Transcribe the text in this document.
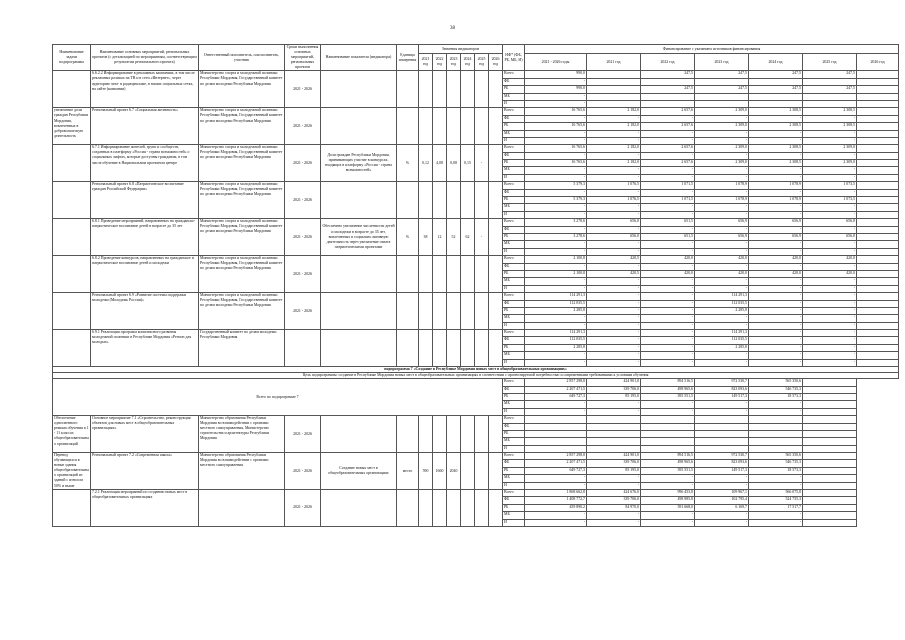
38
Наименование задачи подпрограммы	Наименование основных мероприятий, региональных проектов (с детализацией по мероприятиям, соответствующим результатам регионального проекта)	Ответственный исполнитель, соисполнитель, участник	Сроки выполнения основных мероприятий, региональных проектов	Наименование показателя (индикатора)	Единица измерения	Значения индикаторов						НФ* (ФБ, РБ, МБ, И)	Финансирование с указанием источников финансирования						
						2021 год	2022 год	2023 год	2024 год	2025 год	2026 год		2021 - 2026 годы	2021 год	2022 год	2023 год	2024 год	2025 год	2026 год
	6.6.2.2 Информирование в рекламных кампаниях, в том числе рекламных роликах на ТВ и в сети «Интернет», через аудиторию чата- в радиорекламе, в наших социальных сетях, на сайте (компании)	Министерство спорта и молодежной политики Республики Мордовия, Государственный комитет по делам молодежи Республики Мордовия	2021 - 2026									Всего	990,0		247,5	247,5	247,5	247,5	
												ФБ	-						
												РБ	990,0		247,5	247,5	247,5	247,5	
												МБ	-						
												И	-						
увеличение доли граждан Республики Мордовия, вовлеченных в добровольческую деятельность	Региональный проект 6.7 «Социальная активность»	Министерство спорта и молодежной политики Республики Мордовия, Государственный комитет по делам молодежи Республики Мордовия	2021 - 2026									Всего	16 765,6	2 182,0	2 657,6	2 309,0	2 308,5	2 308,5	
												ФБ	-	-	-	-	-	-	
												РБ	16 765,6	2 182,0	2 657,6	2 309,0	2 308,5	2 308,5	
												МБ	-	-	-	-	-	-	
												И	-	-	-	-	-	-	
	6.7.1 Информирование жителей, групп и сообществ, созданных в платформу «Россия - страна возможностей» о социальных лифтах, которые доступны гражданам, в том числе обучение в Национальном проектном центре	Министерство спорта и молодежной политики Республики Мордовия, Государственный комитет по делам молодежи Республики Мордовия	2021 - 2026	Доля граждан Республики Мордовия, принимающих участие в конкурсах, входящих в платформу «Россия - страна возможностей»	%	0,12	4,08	0,08	0,15	-		Всего	16 765,6	2 182,0	2 657,6	2 309,0	2 308,5	2 309,0	
												ФБ	-	-	-	-	-	-	
												РБ	16 765,6	2 182,0	2 657,6	2 309,0	2 308,5	2 309,0	
												МБ	-	-	-	-	-	-	
												И	-	-	-	-	-	-	
	Региональный проект 6.8 «Патриотическое воспитание граждан Российской Федерации»	Министерство спорта и молодежной политики Республики Мордовия, Государственный комитет по делам молодежи Республики Мордовия	2021 - 2026									Всего	5 379,3	1 076,5	1 071,5	1 078,9	1 078,9	1 073,5	
												ФБ	-	-	-	-	-	-	
												РБ	5 379,3	1 076,5	1 071,5	1 078,9	1 078,9	1 073,5	
												МБ	-	-	-	-	-	-	
												И	-	-	-	-	-	-	
	6.8.1 Проведение мероприятий, направленных на гражданско-патриотическое воспитание детей в возрасте до 35 лет	Министерство спорта и молодежной политики Республики Мордовия, Государственный комитет по делам молодежи Республики Мордовия	2021 - 2026	Обеспечено увеличение численности детей и молодежи в возрасте до 35 лет, вовлеченных в социально активную деятельность через увеличение охвата патриотическими проектами	%	38	12	52	62	-		Всего	3 278,6	656,0	651,5	656,9	656,9	656,8	
												ФБ	-	-	-	-	-	-	
												РБ	3 278,6	656,0	651,5	656,9	656,9	656,8	
												МБ	-	-	-	-	-	-	
												И	-	-	-	-	-	-	
	6.8.2 Проведение конкурсов, направленных на гражданское и патриотическое воспитание детей и молодежи	Министерство спорта и молодежной политики Республики Мордовия, Государственный комитет по делам молодежи Республики Мордовия	2021 - 2026									Всего	2 100,8	420,5	420,0	420,0	420,0	420,0	
												ФБ	-	-	-	-	-	-	
												РБ	2 100,8	420,5	420,0	420,0	420,0	420,0	
												МБ	-	-	-	-	-	-	
												И	-	-	-	-	-	-	
	Региональный проект 6.9 «Развитие системы поддержки молодежи (Молодежь России)»	Министерство спорта и молодежной политики Республики Мордовия, Государственный комитет по делам молодежи Республики Мордовия	2021 - 2026									Всего	114 291,3	-	-	114 291,3	-	-	
												ФБ	112 035,5	-	-	112 035,5	-	-	
												РБ	2 285,8	-	-	2 285,8	-	-	
												МБ	-	-	-	-	-	-	
												И	-	-	-	-	-	-	
	6.9.1 Реализация программ комплексного развития молодежной политики в Республике Мордовия «Регион для молодых»	Государственный комитет по делам молодежи Республики Мордовия										Всего	114 291,3	-	-	114 291,3	-	-	
												ФБ	112 035,5	-	-	112 035,5	-	-	
												РБ	2 285,8	-	-	2 285,8	-	-	
												МБ	-	-	-	-	-	-	
												И	-	-	-	-	-	-	
подпрограмма 7 «Создание в Республике Мордовия новых мест в общеобразовательных организациях»																			
Цель подпрограммы: создание в Республике Мордовия новых мест в общеобразовательных организациях в соответствии с прогнозируемой потребностью и современными требованиями к условиям обучения																			
Всего по подпрограмме 7												Всего	2 857 298,8	424 901,0	894 516,5	972 530,7	565 350,6		
												ФБ	2 207 471,5	339 706,0	498 965,6	823 093,6	546 735,3		
												РБ	649 727,3	85 195,0	395 551,5	149 517,3	18 573,3		
												МБ	-	-	-	-	-		
												И	-	-	-	-	-		
Обеспечение односменного режима обучения в 1 - 11 классах общеобразовательных организаций	Основное мероприятие 7.1 «Строительство, реконструкция объектов для новых мест в общеобразовательных организациях»	Министерство образования Республики Мордовия во взаимодействии с органами местного самоуправления, Министерство строительства и архитектуры Республики Мордовия	2021 - 2026									Всего							
												ФБ							
												РБ							
												МБ							
												И							
Перевод обучающихся в новые здания общеобразовательных организаций из зданий с износом 50% и выше	Региональный проект 7.2 «Современная школа»	Министерство образования Республики Мордовия во взаимодействии с органами местного самоуправления	2021 - 2026	Создание новых мест в общеобразовательных организациях	место	590	1660	2040				Всего	2 857 298,8	424 901,0	894 516,5	972 530,7	565 350,6		
												ФБ	2 207 471,5	339 706,0	498 965,6	823 093,6	546 735,3		
												РБ	649 727,3	85 195,0	395 551,5	149 517,3	18 573,3		
												МБ	-	-	-	-	-		
												И	-	-	-	-	-		
	7.2.1 Реализация мероприятий по созданию новых мест в общеобразовательных организациях		2021 - 2026									Всего	1 868 662,8	424 676,0	996 453,8	109 967,1	566 075,8		
												ФБ	1 408 772,7	339 706,0	498 985,8	102 795,4	524 755,3		
												РБ	459 890,2	84 970,0	391 668,0	6 169,7	17 517,7		
												МБ	-	-	-	-	-		
												И	-	-	-	-	-		
